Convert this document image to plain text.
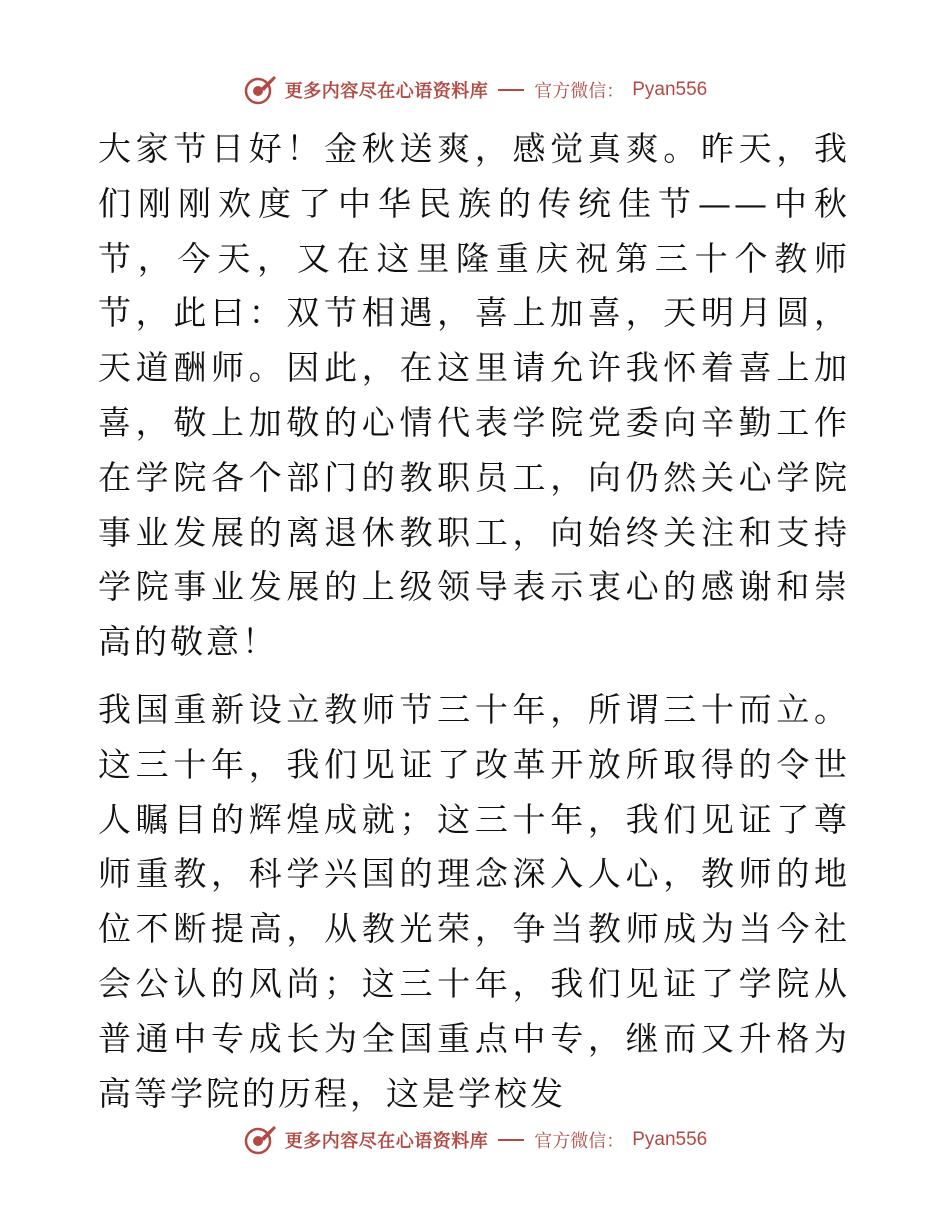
更多内容尽在心语资料库	官方微信： Pyan556

大家节日好！金秋送爽，感觉真爽。昨天，我们刚刚欢度了中华民族的传统佳节——中秋节，今天，又在这里隆重庆祝第三十个教师节，此曰：双节相遇，喜上加喜，天明月圆，天道酬师。因此，在这里请允许我怀着喜上加喜，敬上加敬的心情代表学院党委向辛勤工作在学院各个部门的教职员工，向仍然关心学院事业发展的离退休教职工，向始终关注和支持学院事业发展的上级领导表示衷心的感谢和崇高的敬意！

我国重新设立教师节三十年，所谓三十而立。这三十年，我们见证了改革开放所取得的令世人瞩目的辉煌成就；这三十年，我们见证了尊师重教，科学兴国的理念深入人心，教师的地位不断提高，从教光荣，争当教师成为当今社会公认的风尚；这三十年，我们见证了学院从普通中专成长为全国重点中专，继而又升格为高等学院的历程，这是学校发

更多内容尽在心语资料库	官方微信： Pyan556
